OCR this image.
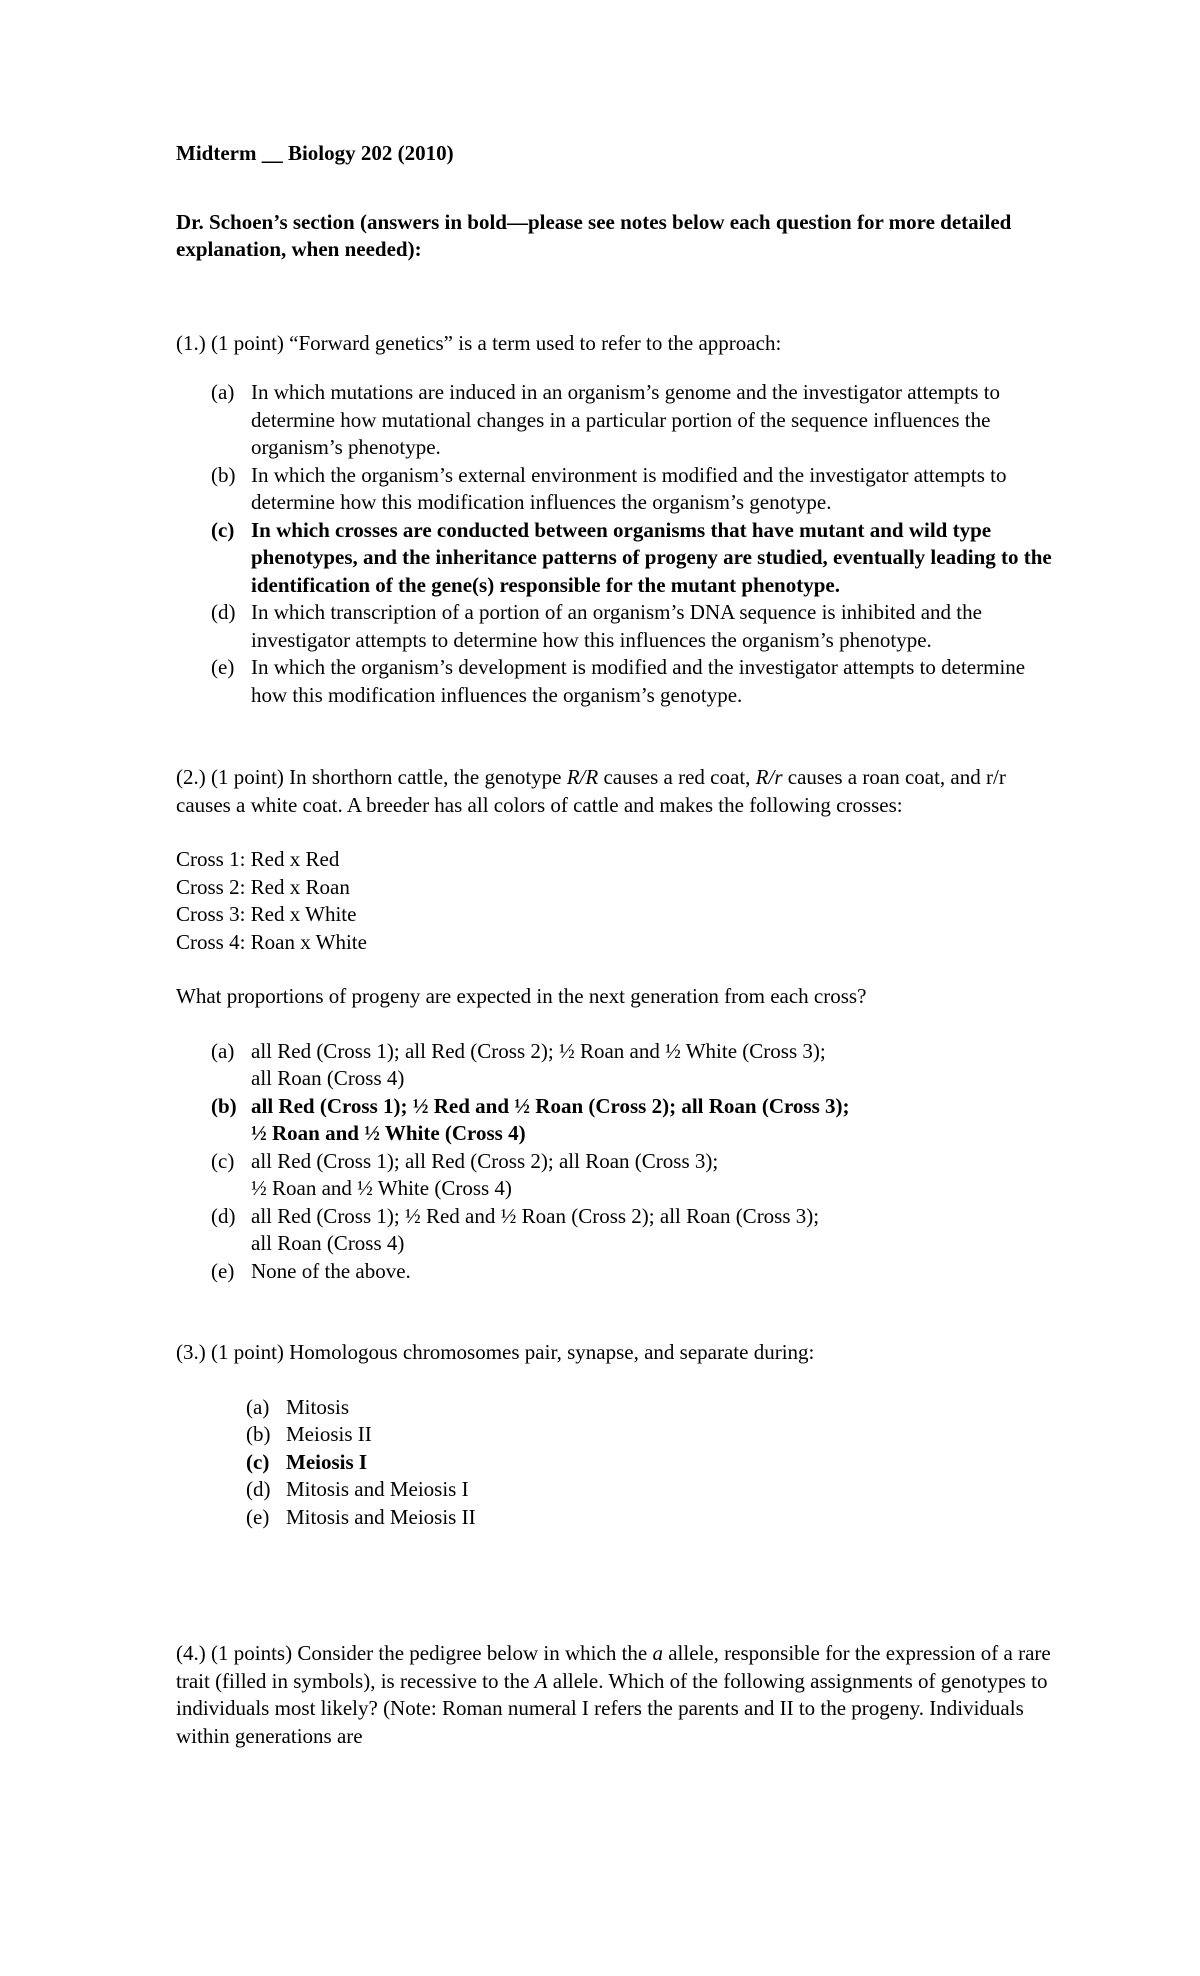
Midterm __ Biology 202 (2010)
Dr. Schoen’s section (answers in bold—please see notes below each question for more detailed explanation, when needed):
(1.) (1 point) “Forward genetics” is a term used to refer to the approach:
(a) In which mutations are induced in an organism’s genome and the investigator attempts to determine how mutational changes in a particular portion of the sequence influences the organism’s phenotype.
(b) In which the organism’s external environment is modified and the investigator attempts to determine how this modification influences the organism’s genotype.
(c) In which crosses are conducted between organisms that have mutant and wild type phenotypes, and the inheritance patterns of progeny are studied, eventually leading to the identification of the gene(s) responsible for the mutant phenotype.
(d) In which transcription of a portion of an organism’s DNA sequence is inhibited and the investigator attempts to determine how this influences the organism’s phenotype.
(e) In which the organism’s development is modified and the investigator attempts to determine how this modification influences the organism’s genotype.
(2.) (1 point) In shorthorn cattle, the genotype R/R causes a red coat, R/r causes a roan coat, and r/r causes a white coat. A breeder has all colors of cattle and makes the following crosses:
Cross 1: Red x Red
Cross 2: Red x Roan
Cross 3: Red x White
Cross 4: Roan x White
What proportions of progeny are expected in the next generation from each cross?
(a) all Red (Cross 1); all Red (Cross 2); ½ Roan and ½ White (Cross 3);
all Roan (Cross 4)
(b) all Red (Cross 1); ½ Red and ½ Roan (Cross 2); all Roan (Cross 3);
½ Roan and ½ White (Cross 4)
(c) all Red (Cross 1); all Red (Cross 2); all Roan (Cross 3);
½ Roan and ½ White (Cross 4)
(d) all Red (Cross 1); ½ Red and ½ Roan (Cross 2); all Roan (Cross 3);
all Roan (Cross 4)
(e) None of the above.
(3.) (1 point) Homologous chromosomes pair, synapse, and separate during:
(a) Mitosis
(b) Meiosis II
(c) Meiosis I
(d) Mitosis and Meiosis I
(e) Mitosis and Meiosis II
(4.) (1 points) Consider the pedigree below in which the a allele, responsible for the expression of a rare trait (filled in symbols), is recessive to the A allele. Which of the following assignments of genotypes to individuals most likely? (Note: Roman numeral I refers the parents and II to the progeny. Individuals within generations are
